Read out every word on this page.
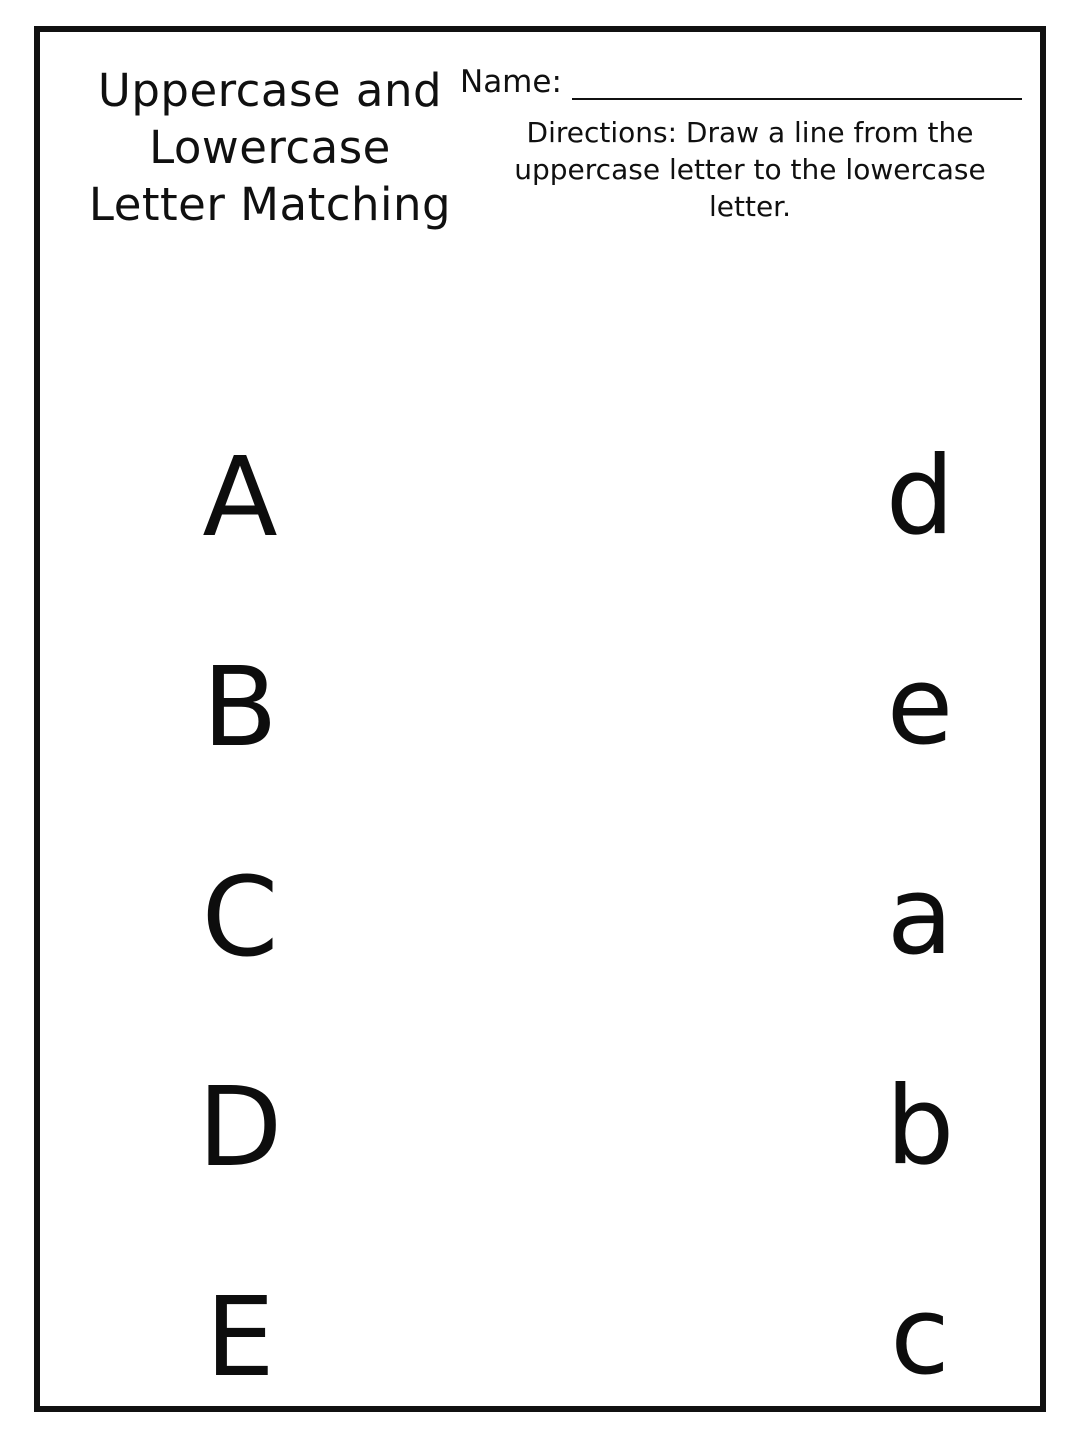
Uppercase and Lowercase Letter Matching
Name:
Directions: Draw a line from the uppercase letter to the lowercase letter.
A
B
C
D
E
d
e
a
b
c
